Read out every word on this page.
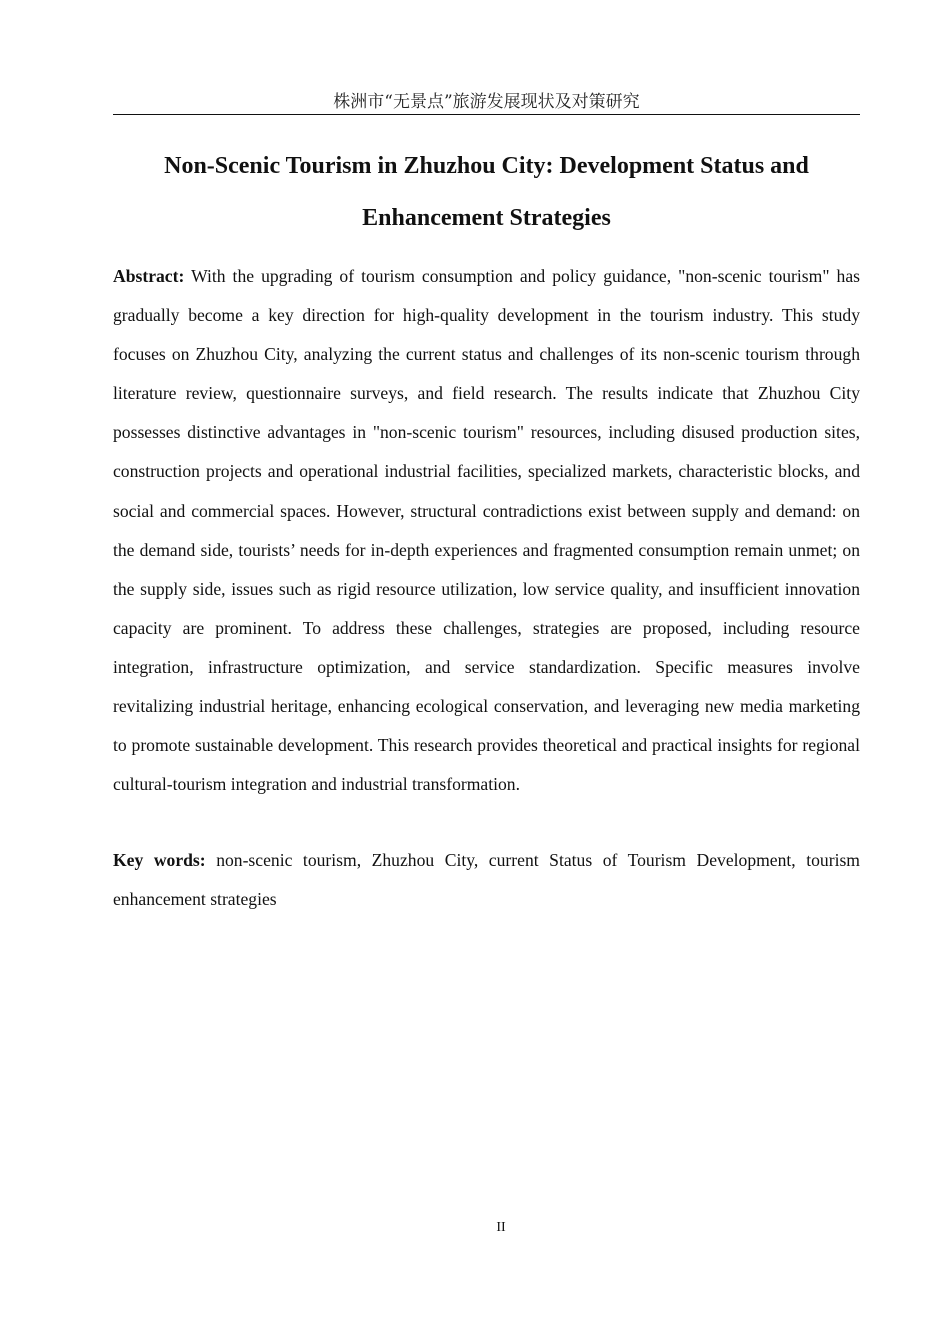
株洲市“无景点”旅游发展现状及对策研究
Non-Scenic Tourism in Zhuzhou City: Development Status and Enhancement Strategies

Abstract: With the upgrading of tourism consumption and policy guidance, "non-scenic tourism" has gradually become a key direction for high-quality development in the tourism industry. This study focuses on Zhuzhou City, analyzing the current status and challenges of its non-scenic tourism through literature review, questionnaire surveys, and field research. The results indicate that Zhuzhou City possesses distinctive advantages in "non-scenic tourism" resources, including disused production sites, construction projects and operational industrial facilities, specialized markets, characteristic blocks, and social and commercial spaces. However, structural contradictions exist between supply and demand: on the demand side, tourists’ needs for in-depth experiences and fragmented consumption remain unmet; on the supply side, issues such as rigid resource utilization, low service quality, and insufficient innovation capacity are prominent. To address these challenges, strategies are proposed, including resource integration, infrastructure optimization, and service standardization. Specific measures involve revitalizing industrial heritage, enhancing ecological conservation, and leveraging new media marketing to promote sustainable development. This research provides theoretical and practical insights for regional cultural-tourism integration and industrial transformation.

Key words: non-scenic tourism, Zhuzhou City, current Status of Tourism Development, tourism enhancement strategies

II
